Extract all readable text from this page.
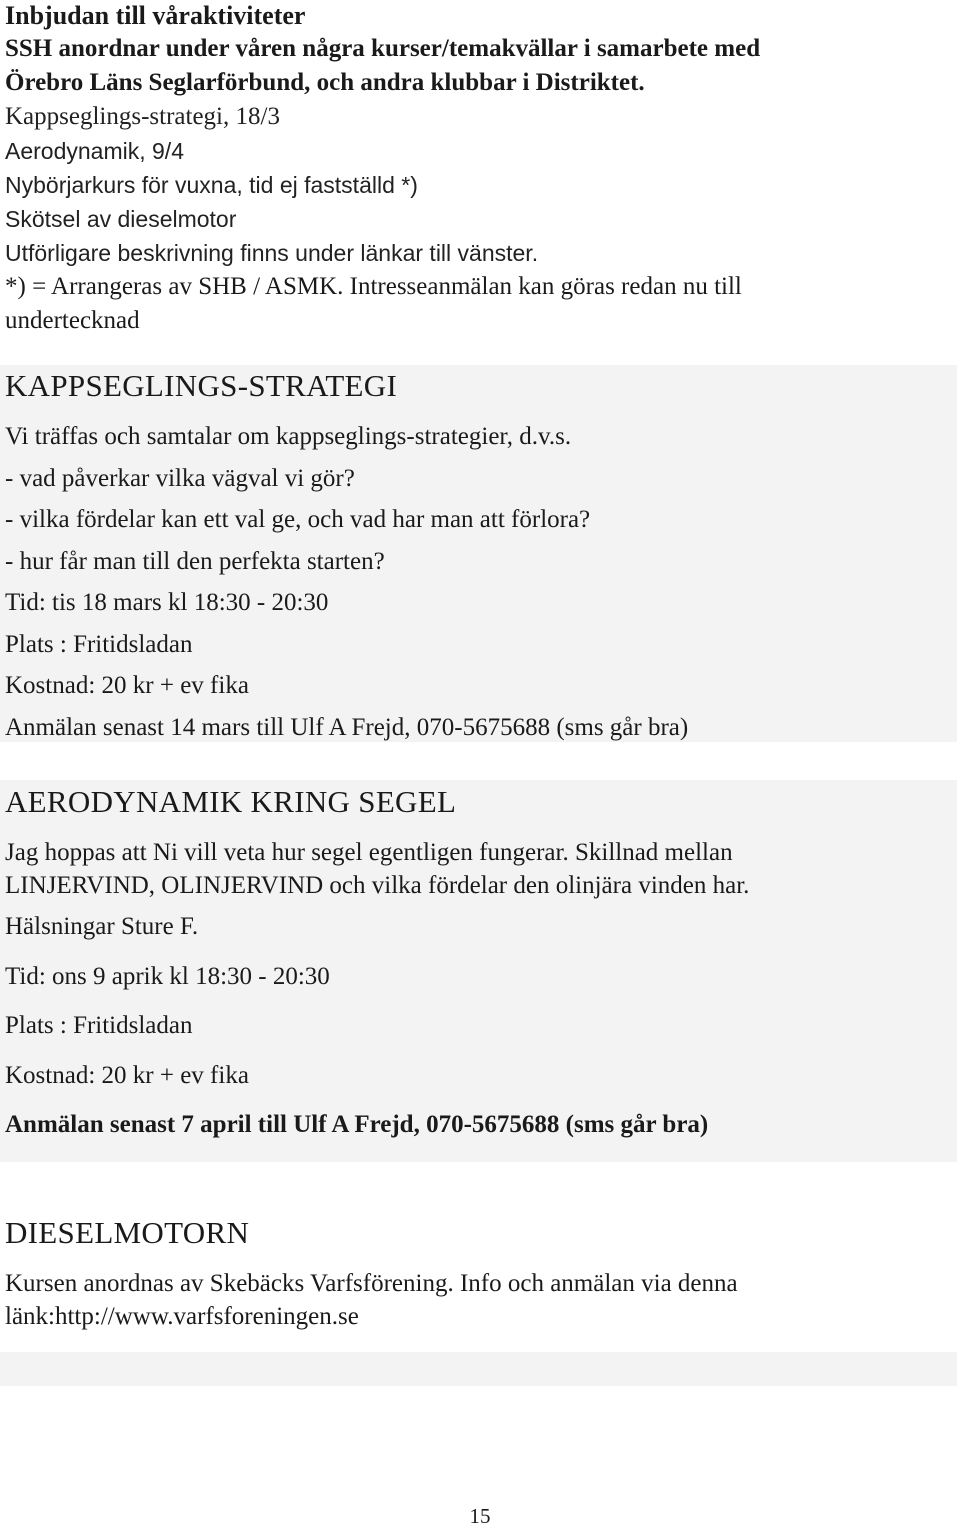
Inbjudan till våraktiviteter

SSH anordnar under våren några kurser/temakvällar i samarbete med

Örebro Läns Seglarförbund, och andra klubbar i Distriktet.

Kappseglings-strategi, 18/3
Aerodynamik, 9/4
Nybörjarkurs för vuxna, tid ej fastställd *)
Skötsel av dieselmotor
Utförligare beskrivning finns under länkar till vänster.

*) = Arrangeras av SHB / ASMK. Intresseanmälan kan göras redan nu till

undertecknad

KAPPSEGLINGS-STRATEGI

Vi träffas och samtalar om kappseglings-strategier, d.v.s.

- vad påverkar vilka vägval vi gör?

- vilka fördelar kan ett val ge, och vad har man att förlora?

- hur får man till den perfekta starten?

Tid: tis 18 mars kl 18:30 - 20:30

Plats : Fritidsladan

Kostnad: 20 kr + ev fika

Anmälan senast 14 mars till Ulf A Frejd, 070-5675688 (sms går bra)

AERODYNAMIK KRING SEGEL

Jag hoppas att Ni vill veta hur segel egentligen fungerar. Skillnad mellan

LINJERVIND, OLINJERVIND och vilka fördelar den olinjära vinden har.

Hälsningar Sture F.

Tid: ons 9 aprik kl 18:30 - 20:30

Plats : Fritidsladan

Kostnad: 20 kr + ev fika

Anmälan senast 7 april till Ulf A Frejd, 070-5675688 (sms går bra)

DIESELMOTORN

Kursen anordnas av Skebäcks Varfsförening. Info och anmälan via denna

länk:http://www.varfsforeningen.se

15
